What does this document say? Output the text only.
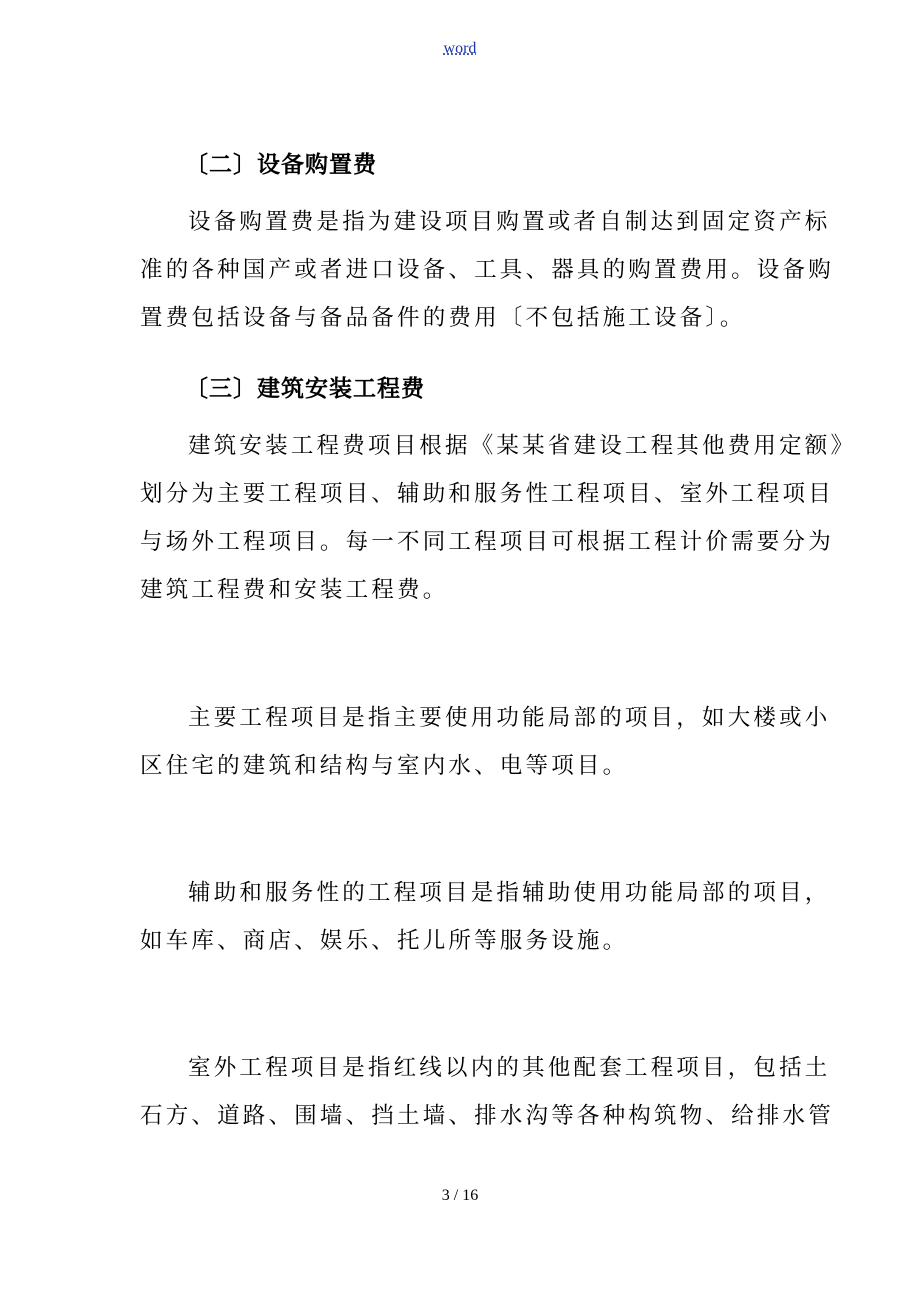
word
〔二〕设备购置费
设备购置费是指为建设项目购置或者自制达到固定资产标
准的各种国产或者进口设备、工具、器具的购置费用。设备购
置费包括设备与备品备件的费用〔不包括施工设备〕。
〔三〕建筑安装工程费
建筑安装工程费项目根据《某某省建设工程其他费用定额》
划分为主要工程项目、辅助和服务性工程项目、室外工程项目
与场外工程项目。每一不同工程项目可根据工程计价需要分为
建筑工程费和安装工程费。
主要工程项目是指主要使用功能局部的项目，如大楼或小
区住宅的建筑和结构与室内水、电等项目。
辅助和服务性的工程项目是指辅助使用功能局部的项目，
如车库、商店、娱乐、托儿所等服务设施。
室外工程项目是指红线以内的其他配套工程项目，包括土
石方、道路、围墙、挡土墙、排水沟等各种构筑物、给排水管
3 / 16
